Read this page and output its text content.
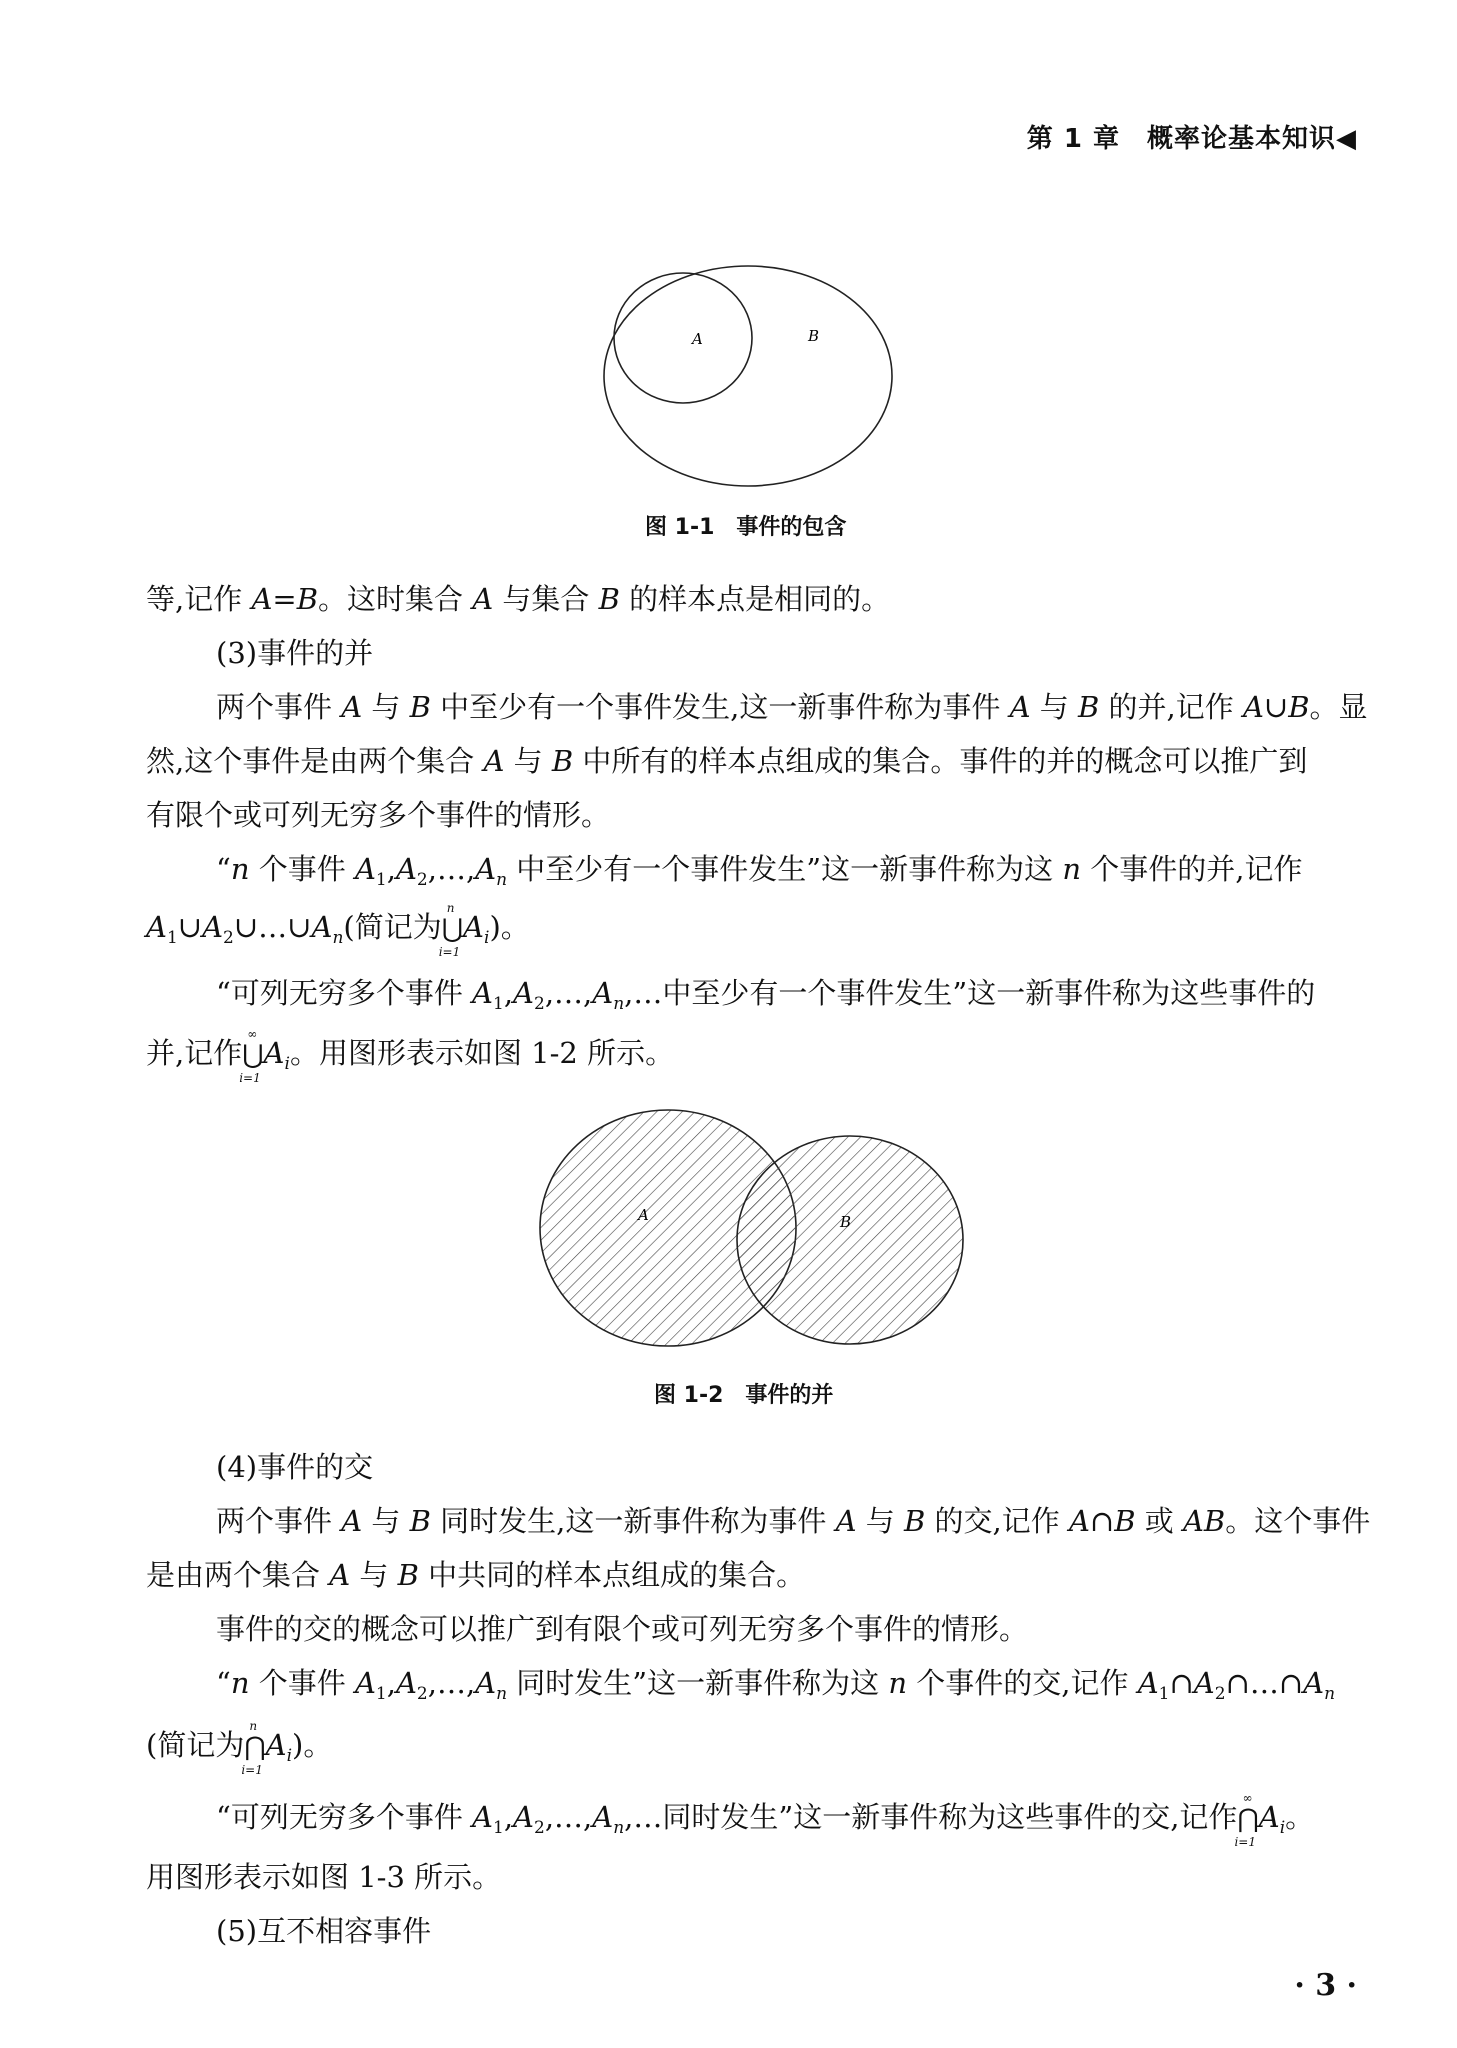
第 1 章　概率论基本知识◀
A	B
图 1-1　事件的包含
等,记作 A=B。这时集合 A 与集合 B 的样本点是相同的。
(3)事件的并
两个事件 A 与 B 中至少有一个事件发生,这一新事件称为事件 A 与 B 的并,记作 A∪B。显
然,这个事件是由两个集合 A 与 B 中所有的样本点组成的集合。事件的并的概念可以推广到
有限个或可列无穷多个事件的情形。
“n 个事件 $A_1,A_2,\dots,A_n$ 中至少有一个事件发生”这一新事件称为这 n 个事件的并,记作
$A_1\cup A_2\cup\dots\cup A_n$(简记为⋃
n
i=1
$A_i$)。
“可列无穷多个事件 $A_1,A_2,\dots,A_n,\dots$中至少有一个事件发生”这一新事件称为这些事件的
并,记作⋃
∞
i=1
$A_i$。用图形表示如图 1-2 所示。
A	B
图 1-2　事件的并
(4)事件的交
两个事件 A 与 B 同时发生,这一新事件称为事件 A 与 B 的交,记作 A∩B 或 AB。这个事件
是由两个集合 A 与 B 中共同的样本点组成的集合。
事件的交的概念可以推广到有限个或可列无穷多个事件的情形。
“n 个事件 $A_1,A_2,\dots,A_n$ 同时发生”这一新事件称为这 n 个事件的交,记作 $A_1\cap A_2\cap\dots\cap A_n$
(简记为⋂
n
i=1
$A_i$)。
“可列无穷多个事件 $A_1,A_2,\dots,A_n,\dots$同时发生”这一新事件称为这些事件的交,记作⋂
∞
i=1
$A_i$。
用图形表示如图 1-3 所示。
(5)互不相容事件
· 3 ·
